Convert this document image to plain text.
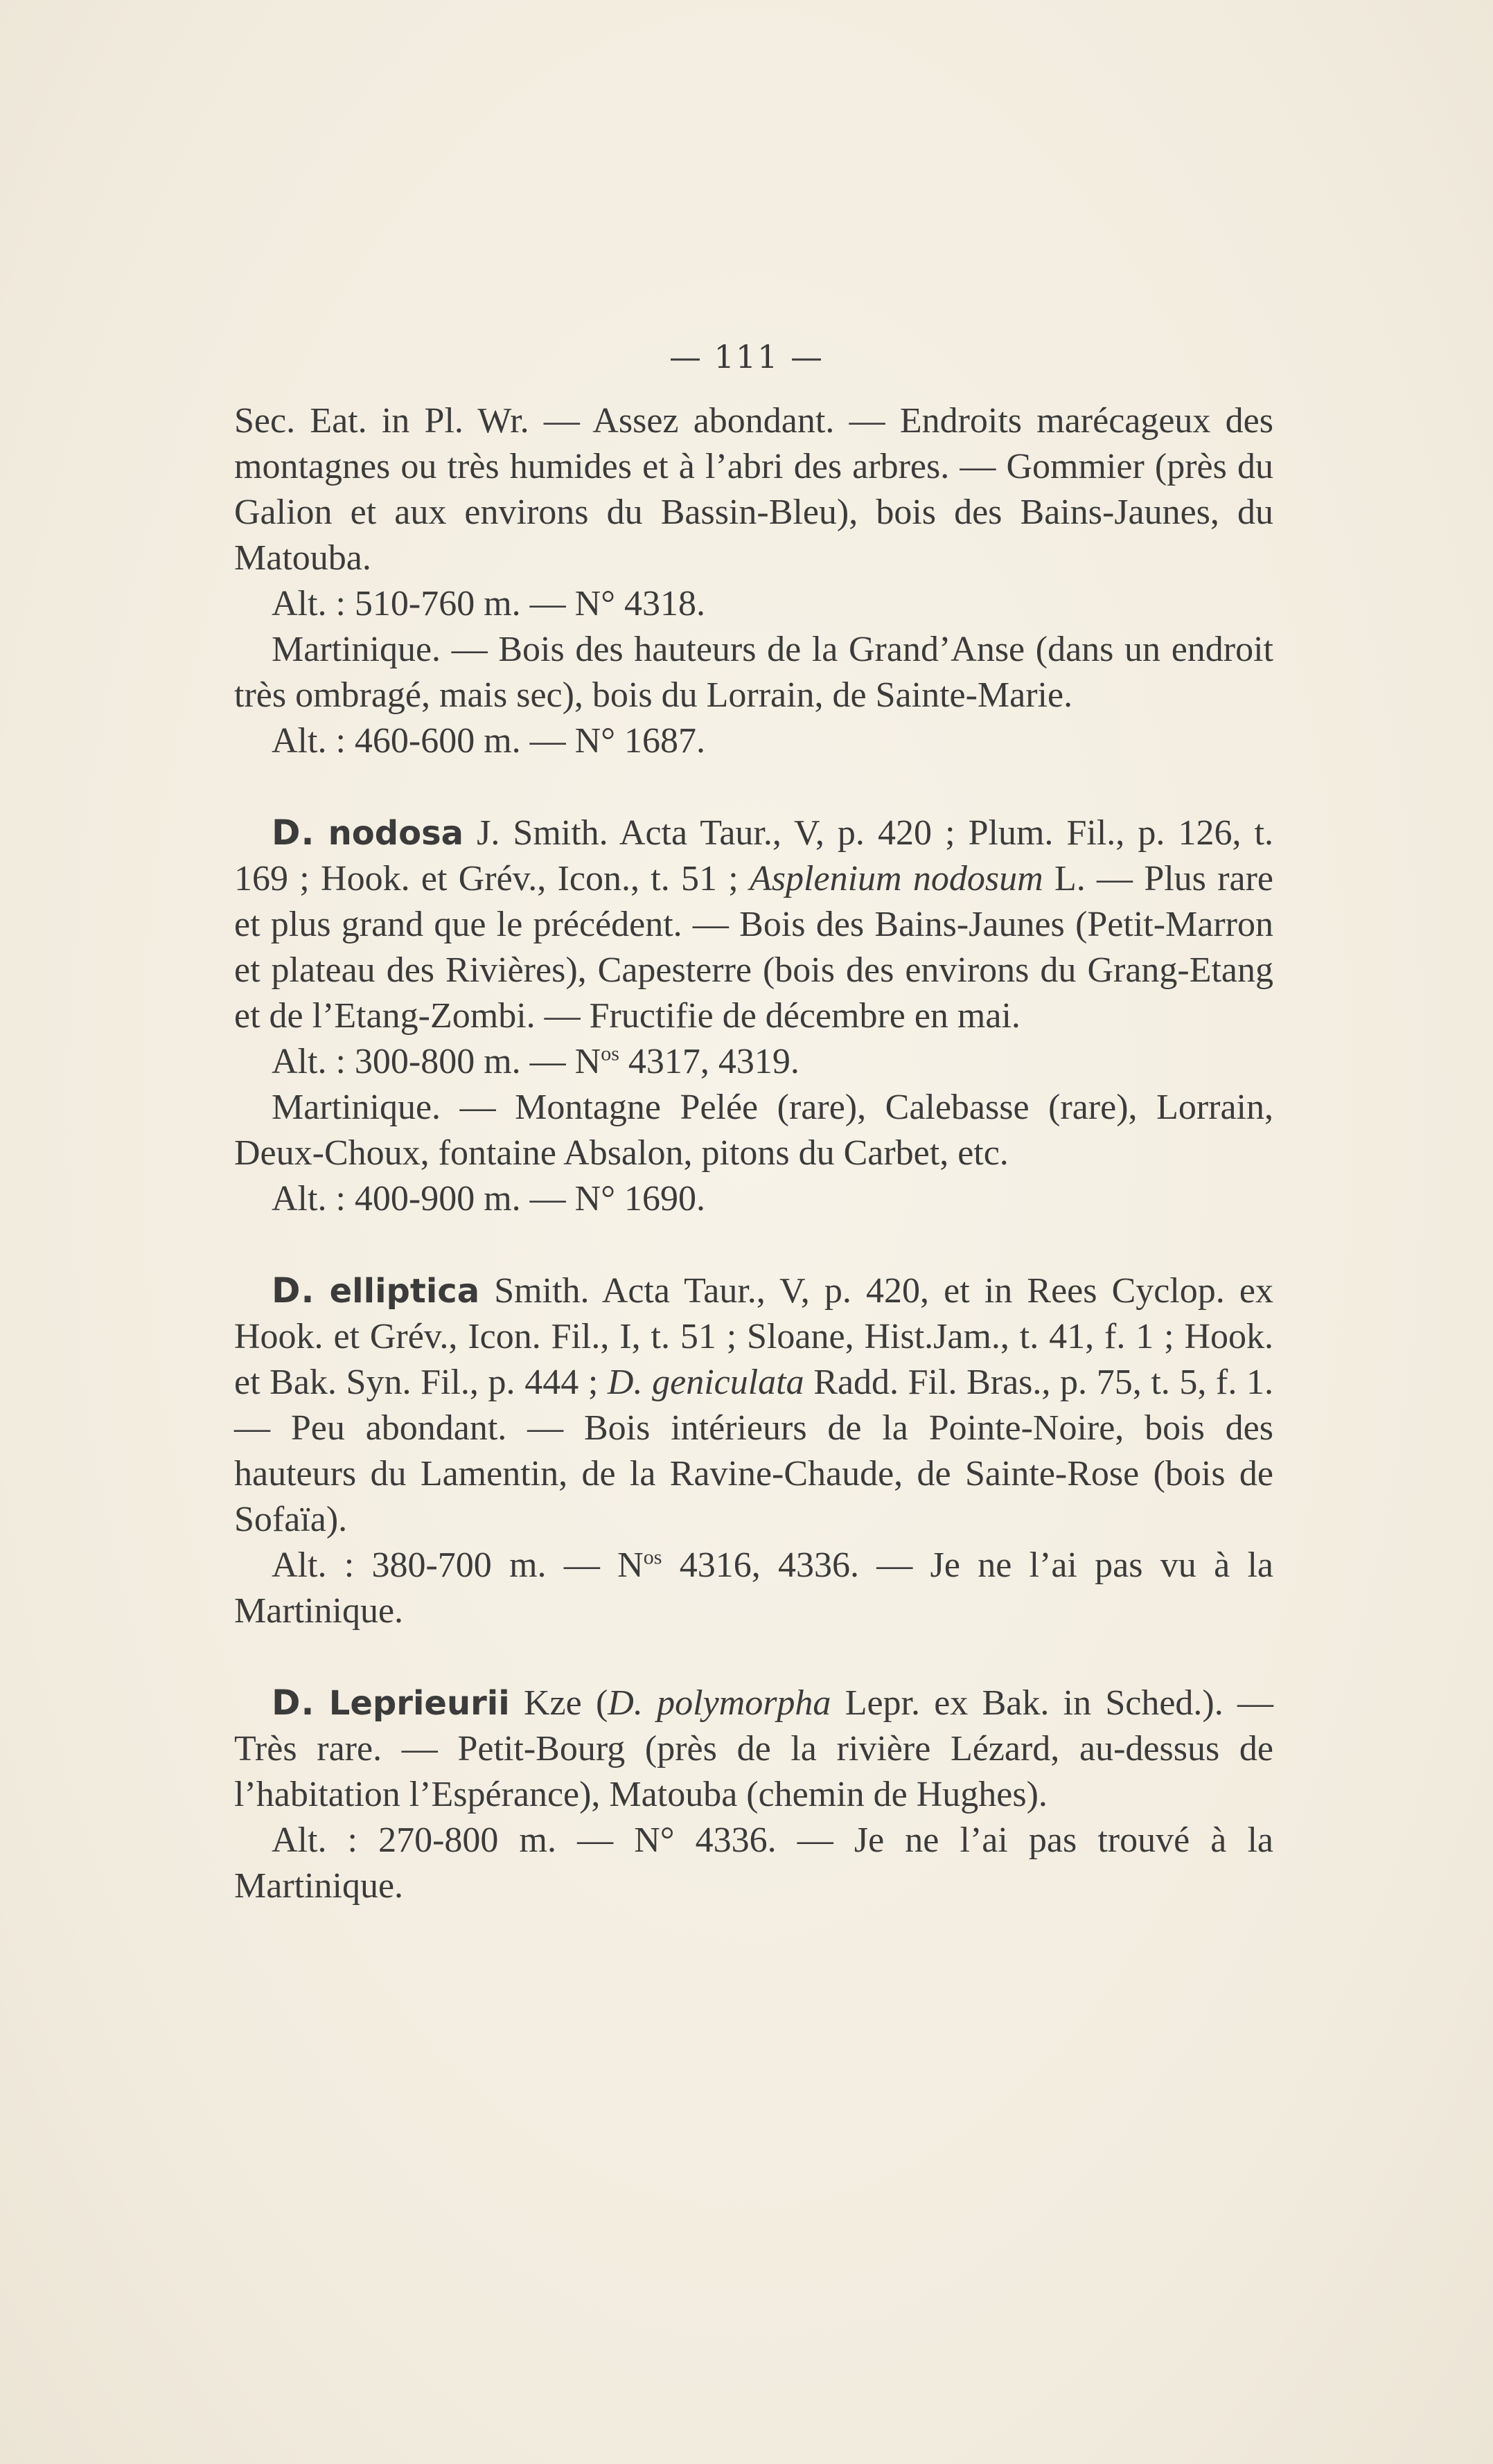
— 111 —

Sec. Eat. in Pl. Wr. — Assez abondant. — Endroits marécageux des montagnes ou très humides et à l’abri des arbres. — Gommier (près du Galion et aux environs du Bassin-Bleu), bois des Bains-Jaunes, du Matouba.

Alt. : 510-760 m. — N° 4318.

Martinique. — Bois des hauteurs de la Grand’Anse (dans un endroit très ombragé, mais sec), bois du Lorrain, de Sainte-Marie.

Alt. : 460-600 m. — N° 1687.

D. nodosa J. Smith. Acta Taur., V, p. 420 ; Plum. Fil., p. 126, t. 169 ; Hook. et Grév., Icon., t. 51 ; Asplenium nodosum L. — Plus rare et plus grand que le précédent. — Bois des Bains-Jaunes (Petit-Marron et plateau des Rivières), Capesterre (bois des environs du Grang-Etang et de l’Etang-Zombi. — Fructifie de décembre en mai.

Alt. : 300-800 m. — $N^{os}$ 4317, 4319.

Martinique. — Montagne Pelée (rare), Calebasse (rare), Lorrain, Deux-Choux, fontaine Absalon, pitons du Carbet, etc.

Alt. : 400-900 m. — N° 1690.

D. elliptica Smith. Acta Taur., V, p. 420, et in Rees Cyclop. ex Hook. et Grév., Icon. Fil., I, t. 51 ; Sloane, Hist.Jam., t. 41, f. 1 ; Hook. et Bak. Syn. Fil., p. 444 ; D. geniculata Radd. Fil. Bras., p. 75, t. 5, f. 1. — Peu abondant. — Bois intérieurs de la Pointe-Noire, bois des hauteurs du Lamentin, de la Ravine-Chaude, de Sainte-Rose (bois de Sofaïa).

Alt. : 380-700 m. — $N^{os}$ 4316, 4336. — Je ne l’ai pas vu à la Martinique.

D. Leprieurii Kze (D. polymorpha Lepr. ex Bak. in Sched.). — Très rare. — Petit-Bourg (près de la rivière Lézard, au-dessus de l’habitation l’Espérance), Matouba (chemin de Hughes).

Alt. : 270-800 m. — N° 4336. — Je ne l’ai pas trouvé à la Martinique.
